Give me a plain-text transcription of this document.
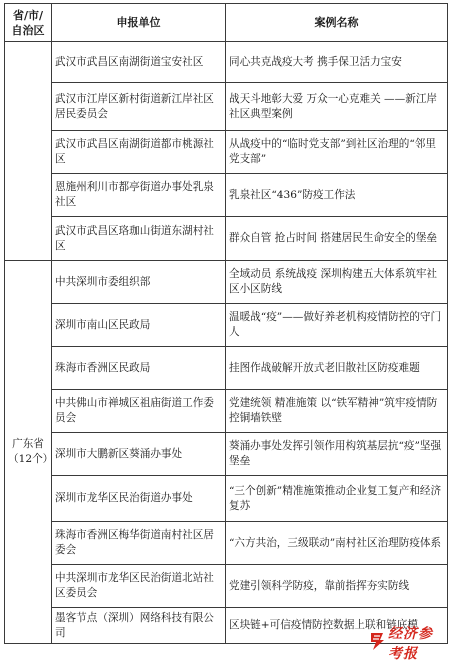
省/市/自治区	申报单位	案例名称
	武汉市武昌区南湖街道宝安社区	同心共克战疫大考 携手保卫活力宝安
	武汉市江岸区新村街道新江岸社区居民委员会	战天斗地彰大爱 万众一心克难关 ——新江岸社区典型案例
	武汉市武昌区南湖街道都市桃源社区	从战疫中的“临时党支部”到社区治理的“邻里党支部”
	恩施州利川市都亭街道办事处乳泉社区	乳泉社区“436”防疫工作法
	武汉市武昌区珞珈山街道东湖村社区	群众自管 抢占时间 搭建居民生命安全的堡垒
广东省（12个）	中共深圳市委组织部	全域动员 系统战疫 深圳构建五大体系筑牢社区小区防线
	深圳市南山区民政局	温暖战“疫”——做好养老机构疫情防控的守门人
	珠海市香洲区民政局	挂图作战破解开放式老旧散社区防疫难题
	中共佛山市禅城区祖庙街道工作委员会	党建统领 精准施策 以“铁军精神”筑牢疫情防控铜墙铁壁
	深圳市大鹏新区葵涌办事处	葵涌办事处发挥引领作用构筑基层抗“疫”坚强堡垒
	深圳市龙华区民治街道办事处	“三个创新”精准施策推动企业复工复产和经济复苏
	珠海市香洲区梅华街道南村社区居委会	“六方共治，三级联动”南村社区治理防疫体系
	中共深圳市龙华区民治街道北站社区委员会	党建引领科学防疫，靠前指挥夯实防线
	墨客节点（深圳）网络科技有限公司	区块链+可信疫情防控数据上联和链底模
经济参考报
